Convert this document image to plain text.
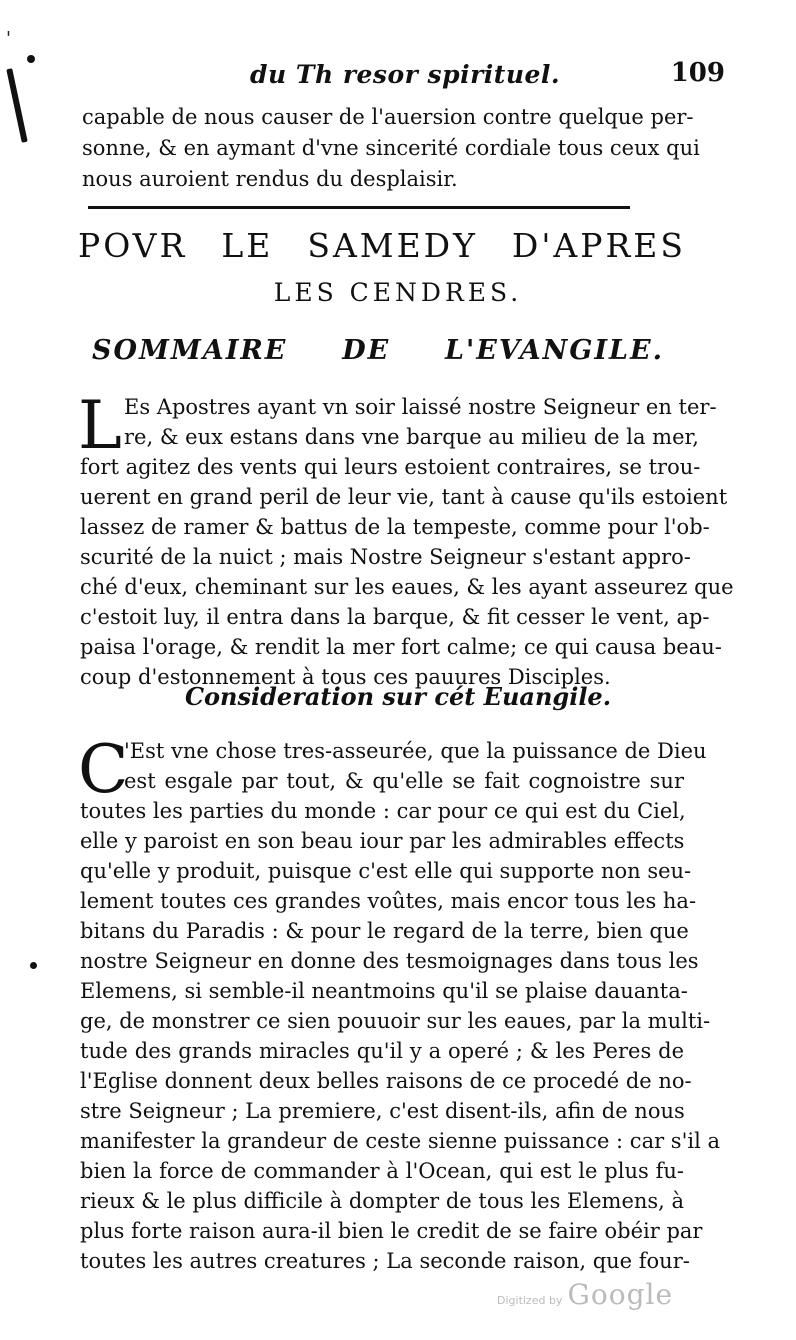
'
du Th resor spirituel.	109
capable de nous causer de l'auersion contre quelque per-
sonne, & en aymant d'vne sincerité cordiale tous ceux qui
nous auroient rendus du desplaisir.
POVR LE SAMEDY D'APRES
LES CENDRES.
SOMMAIRE DE L'EVANGILE.
L Es Apostres ayant vn soir laissé nostre Seigneur en ter-
re, & eux estans dans vne barque au milieu de la mer,
fort agitez des vents qui leurs estoient contraires, se trou-
uerent en grand peril de leur vie, tant à cause qu'ils estoient
lassez de ramer & battus de la tempeste, comme pour l'ob-
scurité de la nuict ; mais Nostre Seigneur s'estant appro-
ché d'eux, cheminant sur les eaues, & les ayant asseurez que
c'estoit luy, il entra dans la barque, & fit cesser le vent, ap-
paisa l'orage, & rendit la mer fort calme; ce qui causa beau-
coup d'estonnement à tous ces pauures Disciples.
Consideration sur cét Euangile.
C
'Est vne chose tres-asseurée, que la puissance de Dieu
est esgale par tout, & qu'elle se fait cognoistre sur
toutes les parties du monde : car pour ce qui est du Ciel,
elle y paroist en son beau iour par les admirables effects
qu'elle y produit, puisque c'est elle qui supporte non seu-
lement toutes ces grandes voûtes, mais encor tous les ha-
bitans du Paradis : & pour le regard de la terre, bien que
nostre Seigneur en donne des tesmoignages dans tous les
Elemens, si semble-il neantmoins qu'il se plaise dauanta-
ge, de monstrer ce sien pouuoir sur les eaues, par la multi-
tude des grands miracles qu'il y a operé ; & les Peres de
l'Eglise donnent deux belles raisons de ce procedé de no-
stre Seigneur ; La premiere, c'est disent-ils, afin de nous
manifester la grandeur de ceste sienne puissance : car s'il a
bien la force de commander à l'Ocean, qui est le plus fu-
rieux & le plus difficile à dompter de tous les Elemens, à
plus forte raison aura-il bien le credit de se faire obéir par
toutes les autres creatures ; La seconde raison, que four-
Digitized by Google
